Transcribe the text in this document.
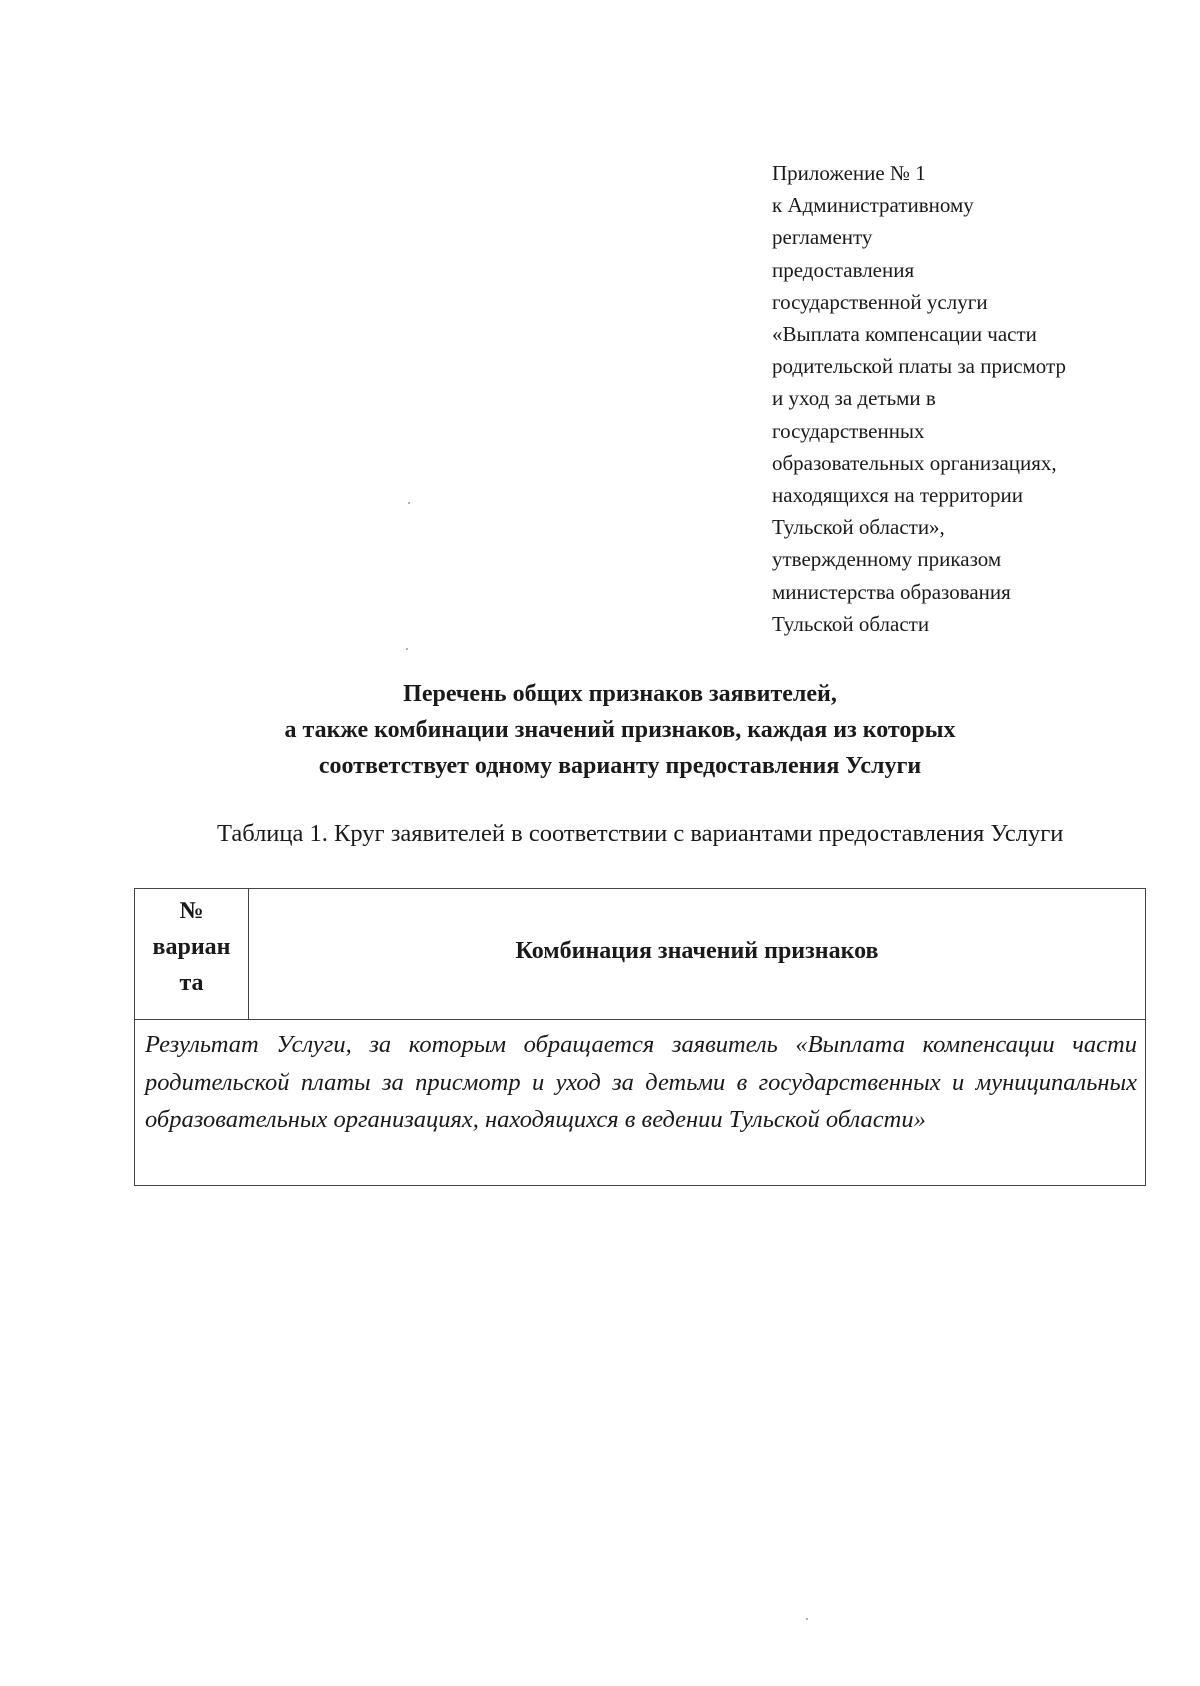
Приложение № 1
к Административному
регламенту
предоставления
государственной услуги
«Выплата компенсации части
родительской платы за присмотр
и уход за детьми в
государственных
образовательных организациях,
находящихся на территории
Тульской области»,
утвержденному приказом
министерства образования
Тульской области
Перечень общих признаков заявителей,
а также комбинации значений признаков, каждая из которых
соответствует одному варианту предоставления Услуги
Таблица 1. Круг заявителей в соответствии с вариантами предоставления Услуги
№
вариан
та
Комбинация значений признаков
Результат Услуги, за которым обращается заявитель «Выплата компенсации части родительской платы за присмотр и уход за детьми в государственных и муниципальных образовательных организациях, находящихся в ведении Тульской области»
